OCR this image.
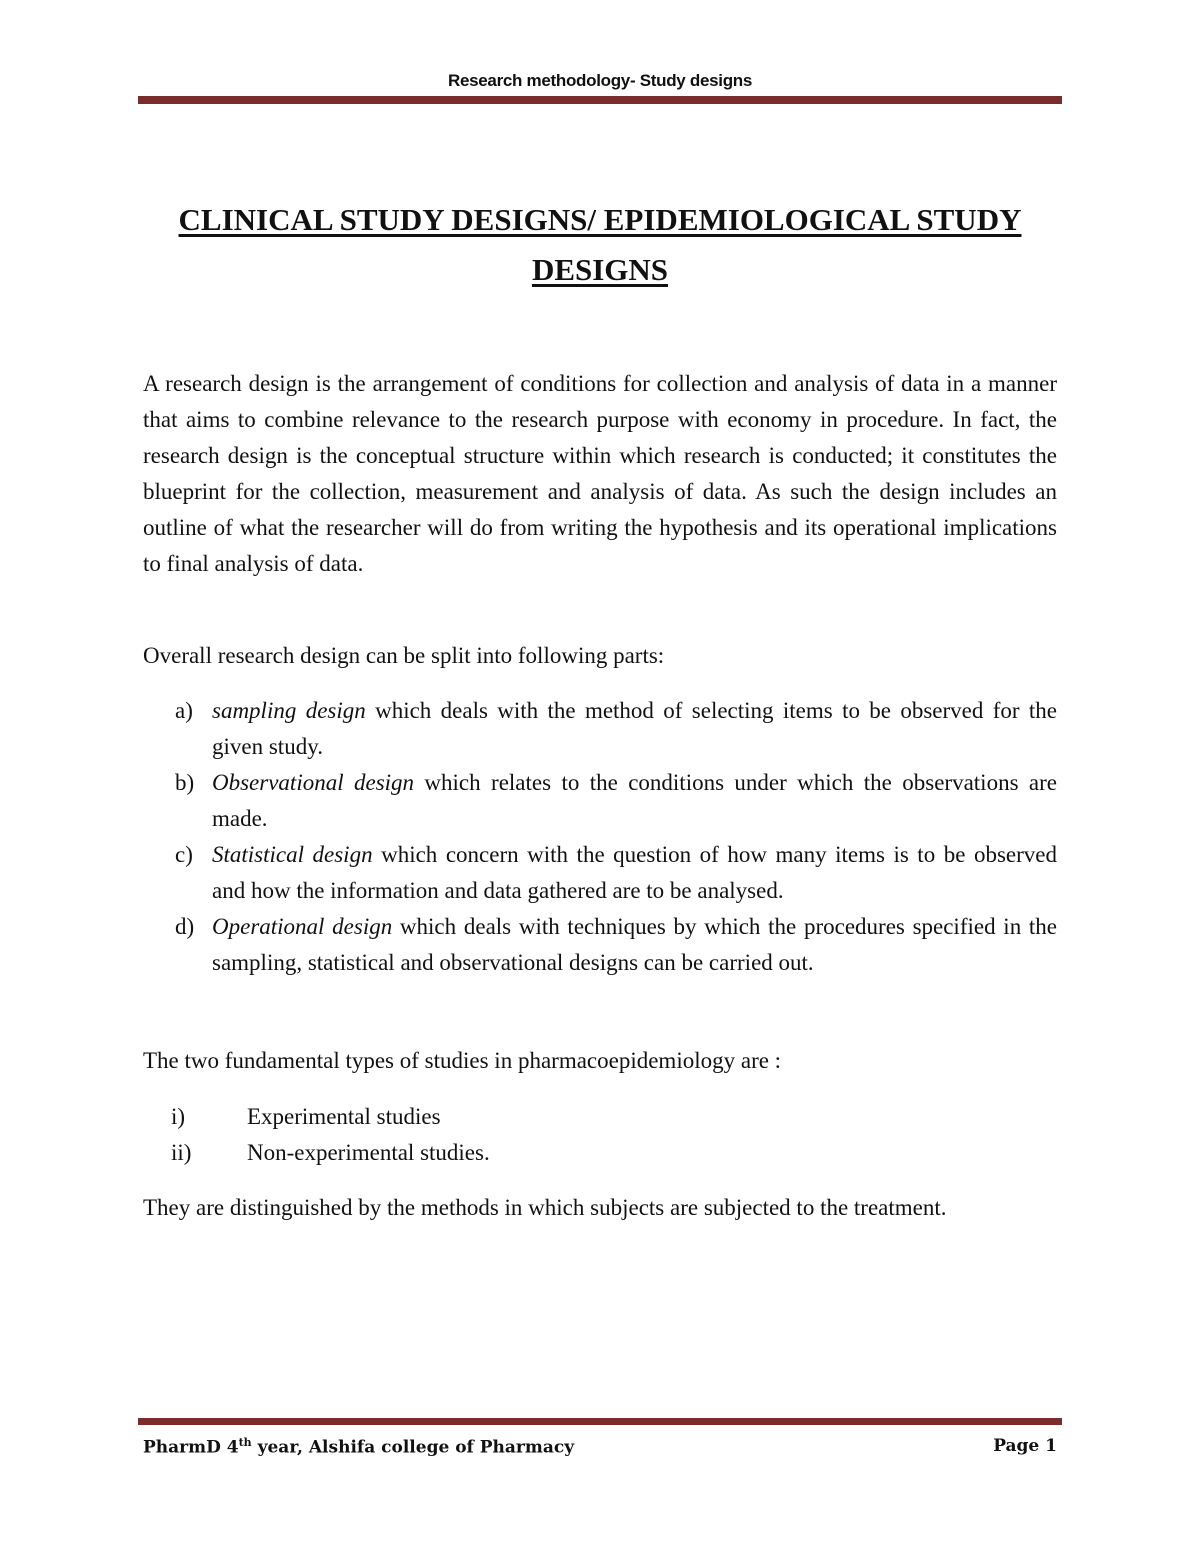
Research methodology- Study designs
CLINICAL STUDY DESIGNS/ EPIDEMIOLOGICAL STUDY DESIGNS
A research design is the arrangement of conditions for collection and analysis of data in a manner that aims to combine relevance to the research purpose with economy in procedure. In fact, the research design is the conceptual structure within which research is conducted; it constitutes the blueprint for the collection, measurement and analysis of data. As such the design includes an outline of what the researcher will do from writing the hypothesis and its operational implications to final analysis of data.
Overall research design can be split into following parts:
a) sampling design which deals with the method of selecting items to be observed for the given study.
b) Observational design which relates to the conditions under which the observations are made.
c) Statistical design which concern with the question of how many items is to be observed and how the information and data gathered are to be analysed.
d) Operational design which deals with techniques by which the procedures specified in the sampling, statistical and observational designs can be carried out.
The two fundamental types of studies in pharmacoepidemiology are :
i)	Experimental studies
ii) Non-experimental studies.
They are distinguished by the methods in which subjects are subjected to the treatment.
PharmD 4th year, Alshifa college of Pharmacy	Page 1
